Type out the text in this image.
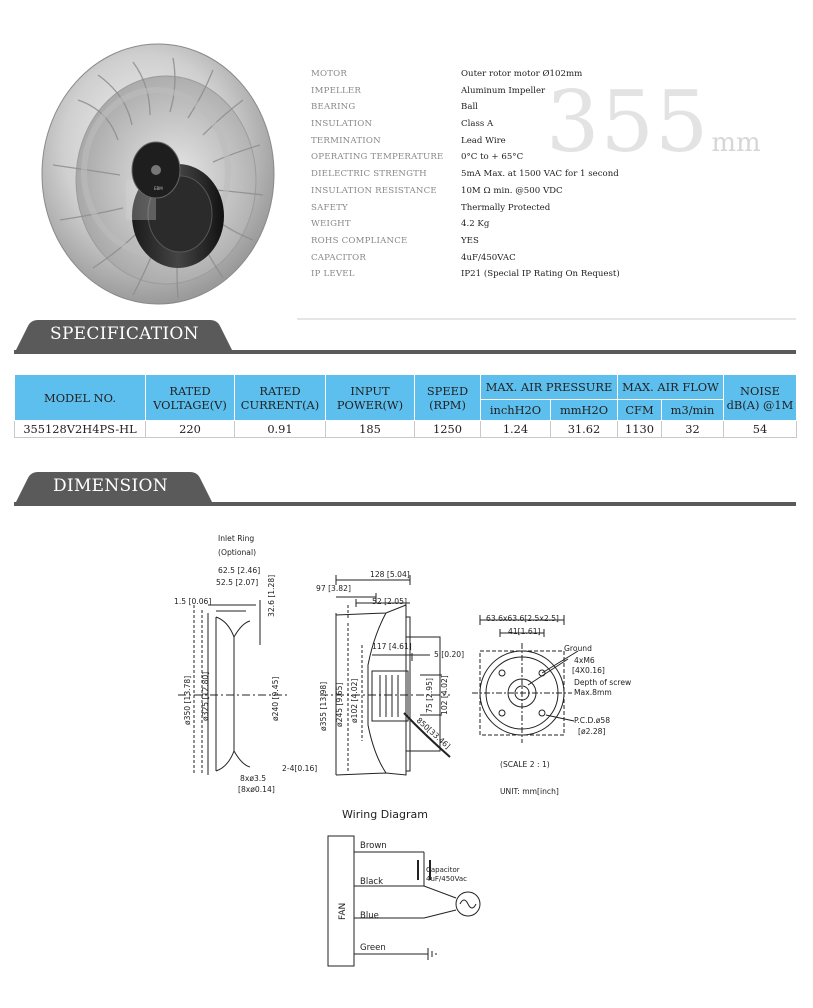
EBM
MOTOR	Outer rotor motor Ø102mm
IMPELLER	Aluminum Impeller
BEARING	Ball
INSULATION	Class A
TERMINATION	Lead Wire
OPERATING TEMPERATURE 0°C to + 65°C
DIELECTRIC STRENGTH	5mA Max. at 1500 VAC for 1 second
INSULATION RESISTANCE	10M Ω min. @500 VDC
SAFETY	Thermally Protected
WEIGHT	4.2 Kg
ROHS COMPLIANCE	YES
CAPACITOR	4uF/450VAC
IP LEVEL	IP21 (Special IP Rating On Request)
355mm
SPECIFICATION
MODEL NO.	RATED VOLTAGE(V)	RATED CURRENT(A)	INPUT POWER(W)	SPEED (RPM)	MAX. AIR PRESSURE		MAX. AIR FLOW		NOISE dB(A) @1M
					inchH2O	mmH2O	CFM	m3/min	
355128V2H4PS-HL	220	0.91	185	1250	1.24	31.62	1130	32	54
DIMENSION
Inlet Ring
(Optional)
62.5 [2.46]
52.5 [2.07]
1.5 [0.06]	32.6 [1.28]
ø350 [13.78] ø325 [12.80]	ø240 [9.45]
8xø3.5
[8xø0.14]
2-4[0.16]
128 [5.04]
97 [3.82]
52 [2.05]
117 [4.61]
5 [0.20]
ø355 [13.98] ø245 [9.65] ø102 [4.02]	75 [2.95] 102 [4.02]
850[33.46]
63.6x63.6[2.5x2.5]
41[1.61]
Ground
4xM6
[4X0.16]
Depth of screw
Max.8mm
P.C.D.ø58
[ø2.28]
(SCALE 2 : 1)
UNIT: mm[inch]
Wiring Diagram
FAN
Brown
Black
Blue
Green
Capacitor
4uF/450Vac
